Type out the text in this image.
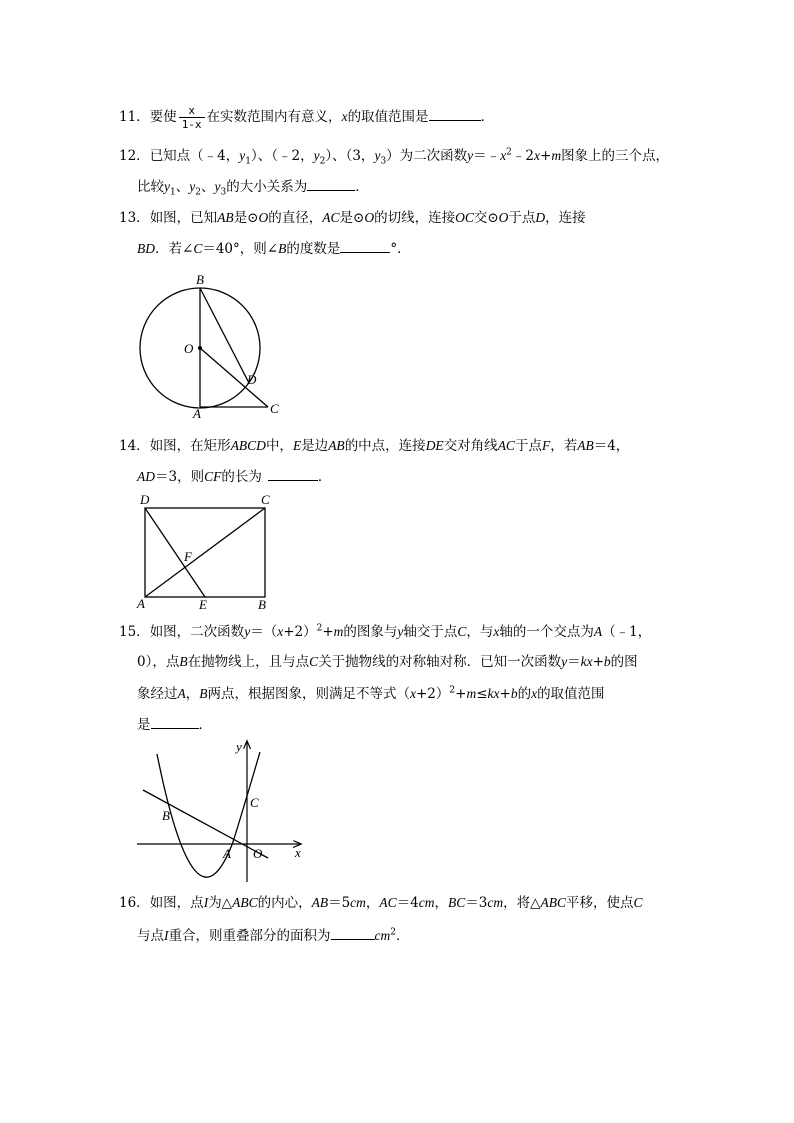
11．要使 $\frac{x}{1-x}$ 在实数范围内有意义，x的取值范围是	．
12．已知点（﹣4，$y_1$）、（﹣2，$y_2$）、（3，$y_3$）为二次函数$y=﹣x^2﹣2x+m$图象上的三个点，
比较$y_1$、$y_2$、$y_3$的大小关系为	．
13．如图，已知AB是⊙O的直径，AC是⊙O的切线，连接OC交⊙O于点D，连接
BD．若∠C＝40°，则∠B的度数是	°．
B
O
D
A	C
14．如图，在矩形ABCD中，E是边AB的中点，连接DE交对角线AC于点F，若AB＝4，
AD＝3，则CF的长为	．
D	C
F
A	E	B
15．如图，二次函数$y=(x+2)^2+m$的图象与y轴交于点C，与x轴的一个交点为A（﹣1，
0），点B在抛物线上，且与点C关于抛物线的对称轴对称．已知一次函数y＝kx+b的图
象经过A，B两点，根据图象，则满足不等式$(x+2)^2+m\le kx+b$的x的取值范围
是	．
y
C
B
A O	x
16．如图，点I为△ABC的内心，AB＝5cm，AC＝4cm，BC＝3cm，将△ABC平移，使点C
与点I重合，则重叠部分的面积为	$cm^2$．
